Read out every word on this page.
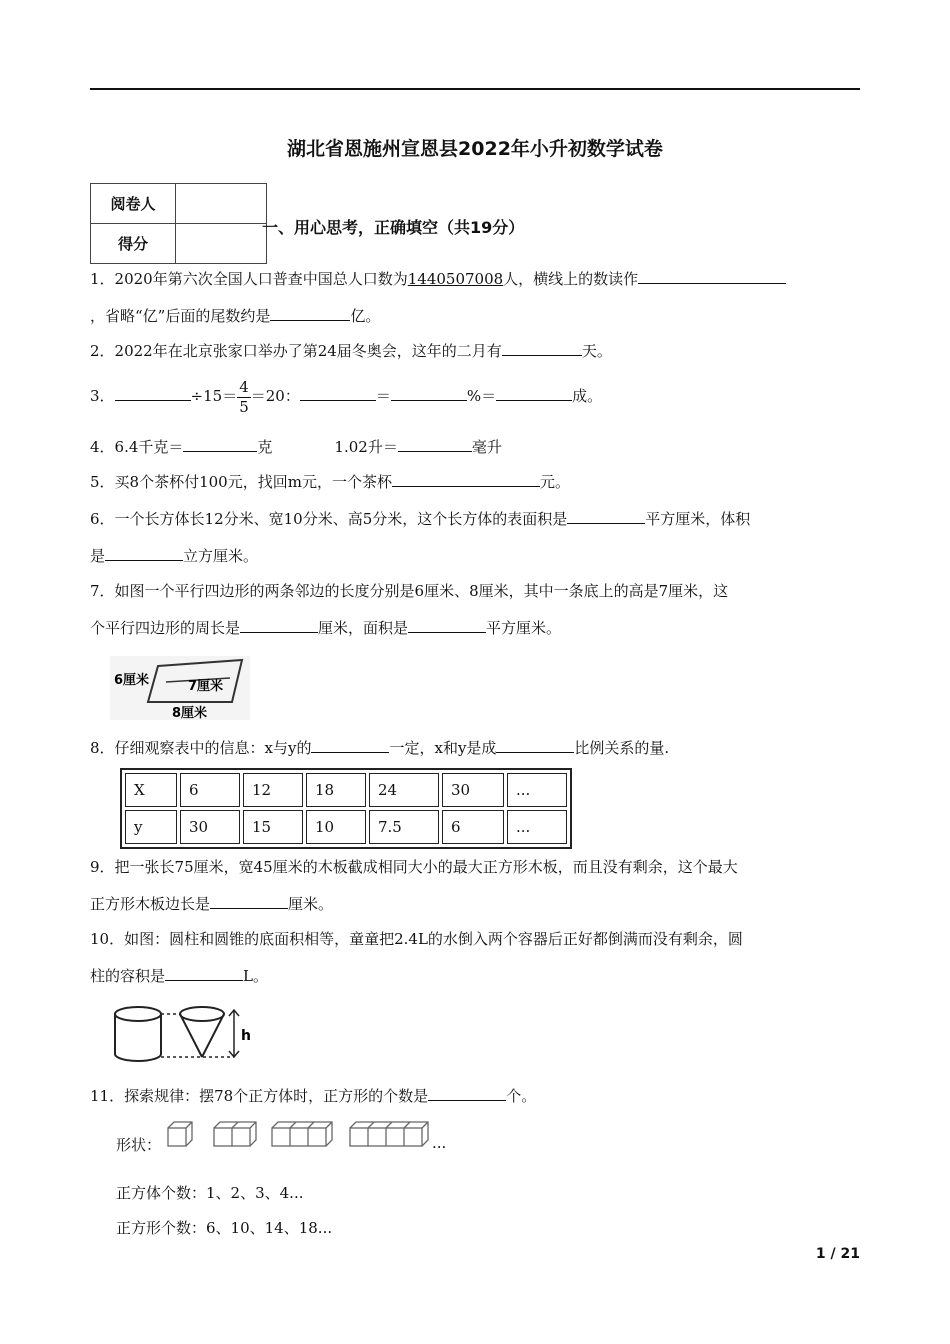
湖北省恩施州宣恩县2022年小升初数学试卷
阅卷人	
得分	
一、用心思考，正确填空（共19分）
1．2020年第六次全国人口普查中国总人口数为1440507008人，横线上的数读作
，省略“亿”后面的尾数约是	亿。
2．2022年在北京张家口举办了第24届冬奥会，这年的二月有	天。
3．	$\div 15= \frac{4}{5} =20$：	＝	%＝	成。
4．6.4千克＝	克	1.02升＝	毫升
5．买8个茶杯付100元，找回m元，一个茶杯	元。
6．一个长方体长12分米、宽10分米、高5分米，这个长方体的表面积是	平方厘米，体积
是	立方厘米。
7．如图一个平行四边形的两条邻边的长度分别是6厘米、8厘米，其中一条底上的高是7厘米，这
个平行四边形的周长是	厘米，面积是	平方厘米。
6厘米	7厘米
8厘米
8．仔细观察表中的信息：x与y的	一定，x和y是成	比例关系的量.
X	6	12	18	24	30	...
y	30	15	10	7.5	6	...
9．把一张长75厘米，宽45厘米的木板截成相同大小的最大正方形木板，而且没有剩余，这个最大
正方形木板边长是	厘米。
10．如图：圆柱和圆锥的底面积相等，童童把2.4L的水倒入两个容器后正好都倒满而没有剩余，圆
柱的容积是	L。
h
11．探索规律：摆78个正方体时，正方形的个数是	个。
形状：	...
正方体个数：1、2、3、4...
正方形个数：6、10、14、18...
1 / 21
